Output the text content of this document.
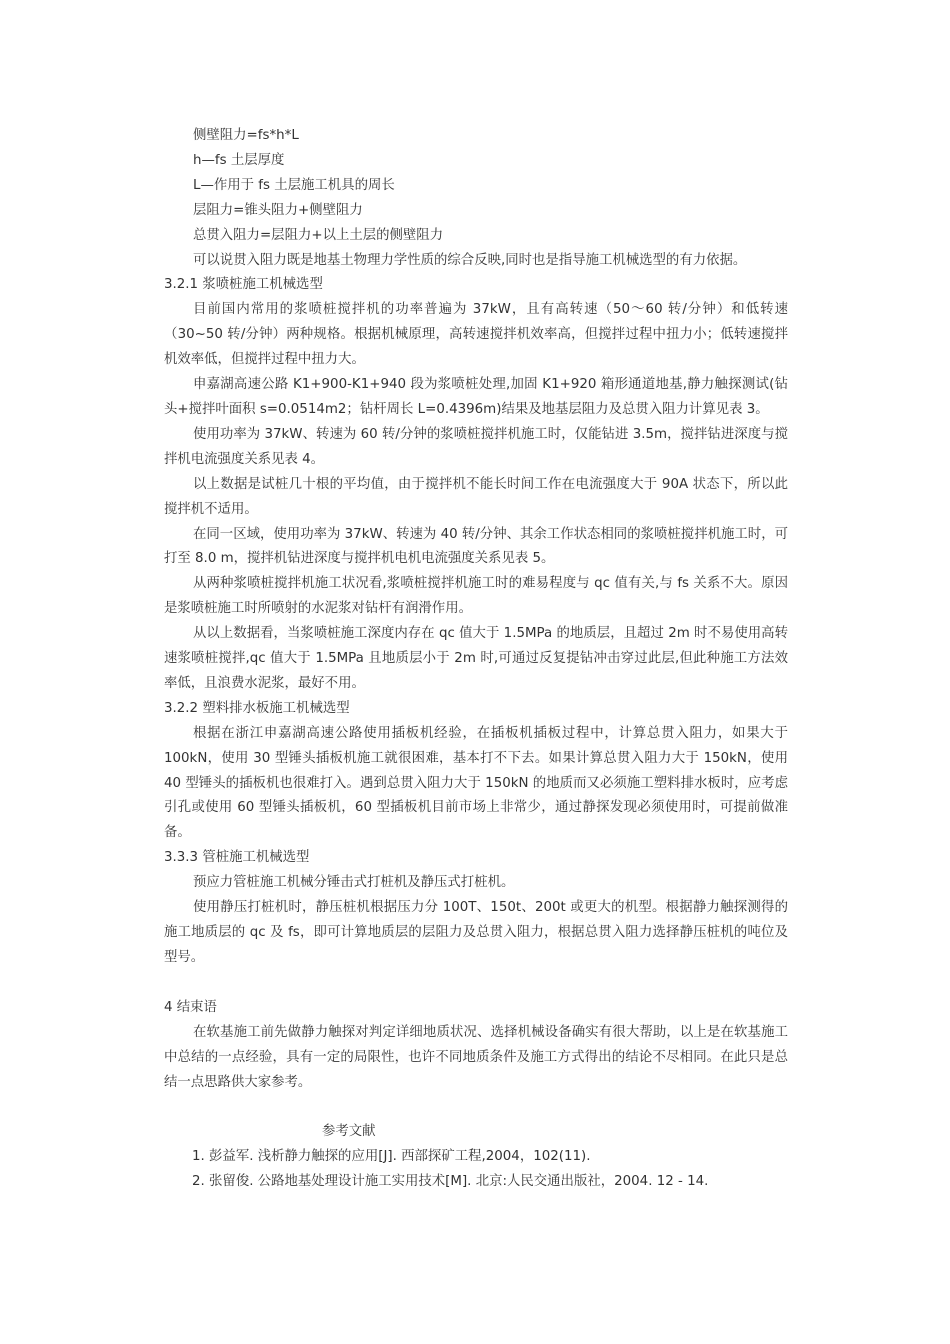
侧壁阻力=fs*h*L

h—fs 土层厚度

L—作用于 fs 土层施工机具的周长

层阻力=锥头阻力+侧壁阻力

总贯入阻力=层阻力+以上土层的侧壁阻力

可以说贯入阻力既是地基土物理力学性质的综合反映,同时也是指导施工机械选型的有力依据。

3.2.1 浆喷桩施工机械选型

目前国内常用的浆喷桩搅拌机的功率普遍为 37kW，且有高转速（50～60 转/分钟）和低转速（30~50 转/分钟）两种规格。根据机械原理，高转速搅拌机效率高，但搅拌过程中扭力小；低转速搅拌机效率低，但搅拌过程中扭力大。

申嘉湖高速公路 K1+900-K1+940 段为浆喷桩处理,加固 K1+920 箱形通道地基,静力触探测试(钻头+搅拌叶面积 s=0.0514m2；钻杆周长 L=0.4396m)结果及地基层阻力及总贯入阻力计算见表 3。

使用功率为 37kW、转速为 60 转/分钟的浆喷桩搅拌机施工时，仅能钻进 3.5m，搅拌钻进深度与搅拌机电流强度关系见表 4。

以上数据是试桩几十根的平均值，由于搅拌机不能长时间工作在电流强度大于 90A 状态下，所以此搅拌机不适用。

在同一区域，使用功率为 37kW、转速为 40 转/分钟、其余工作状态相同的浆喷桩搅拌机施工时，可打至 8.0 m，搅拌机钻进深度与搅拌机电机电流强度关系见表 5。

从两种浆喷桩搅拌机施工状况看,浆喷桩搅拌机施工时的难易程度与 qc 值有关,与 fs 关系不大。原因是浆喷桩施工时所喷射的水泥浆对钻杆有润滑作用。

从以上数据看，当浆喷桩施工深度内存在 qc 值大于 1.5MPa 的地质层，且超过 2m 时不易使用高转速浆喷桩搅拌,qc 值大于 1.5MPa 且地质层小于 2m 时,可通过反复提钻冲击穿过此层,但此种施工方法效率低，且浪费水泥浆，最好不用。

3.2.2 塑料排水板施工机械选型

根据在浙江申嘉湖高速公路使用插板机经验，在插板机插板过程中，计算总贯入阻力，如果大于 100kN，使用 30 型锤头插板机施工就很困难，基本打不下去。如果计算总贯入阻力大于 150kN，使用 40 型锤头的插板机也很难打入。遇到总贯入阻力大于 150kN 的地质而又必须施工塑料排水板时，应考虑引孔或使用 60 型锤头插板机，60 型插板机目前市场上非常少，通过静探发现必须使用时，可提前做准备。

3.3.3 管桩施工机械选型

预应力管桩施工机械分锤击式打桩机及静压式打桩机。

使用静压打桩机时，静压桩机根据压力分 100T、150t、200t 或更大的机型。根据静力触探测得的施工地质层的 qc 及 fs，即可计算地质层的层阻力及总贯入阻力，根据总贯入阻力选择静压桩机的吨位及型号。

4 结束语

在软基施工前先做静力触探对判定详细地质状况、选择机械设备确实有很大帮助，以上是在软基施工中总结的一点经验，具有一定的局限性，也许不同地质条件及施工方式得出的结论不尽相同。在此只是总结一点思路供大家参考。

参考文献

1. 彭益军. 浅析静力触探的应用[J]. 西部探矿工程,2004，102(11).

2. 张留俊. 公路地基处理设计施工实用技术[M]. 北京:人民交通出版社，2004. 12 - 14.
